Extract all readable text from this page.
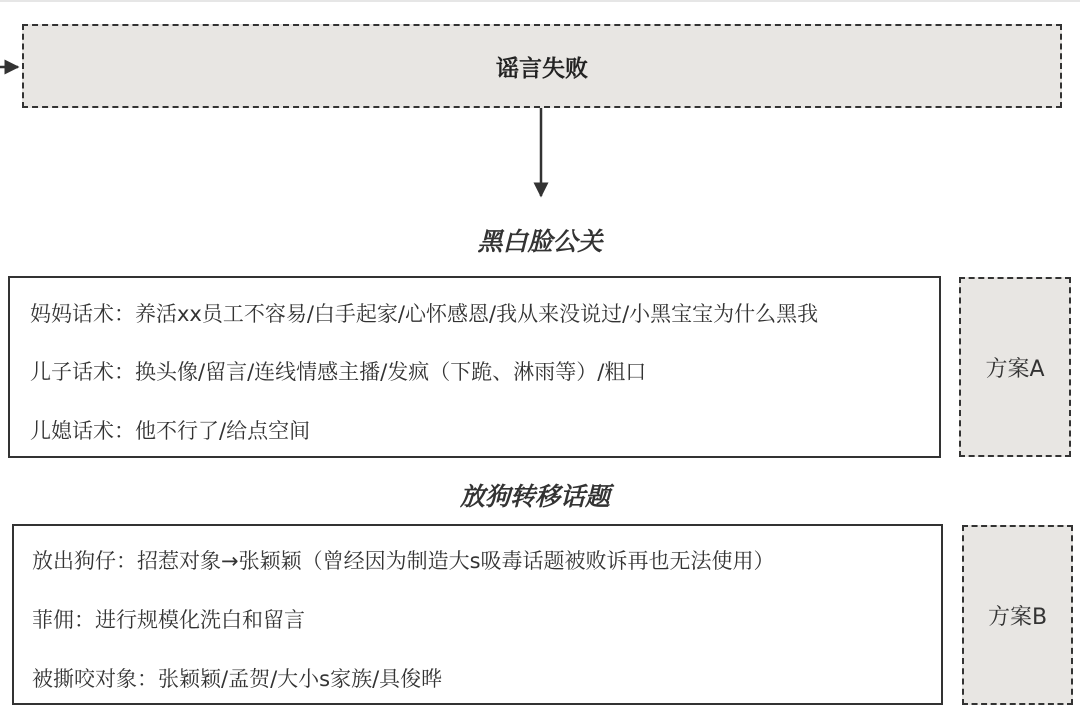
谣言失败
黑白脸公关
妈妈话术：养活xx员工不容易/白手起家/心怀感恩/我从来没说过/小黑宝宝为什么黑我
儿子话术：换头像/留言/连线情感主播/发疯（下跪、淋雨等）/粗口
儿媳话术：他不行了/给点空间
方案A
放狗转移话题
放出狗仔：招惹对象→张颖颖（曾经因为制造大s吸毒话题被败诉再也无法使用）
菲佣：进行规模化洗白和留言
被撕咬对象：张颖颖/孟贺/大小s家族/具俊晔
方案B
